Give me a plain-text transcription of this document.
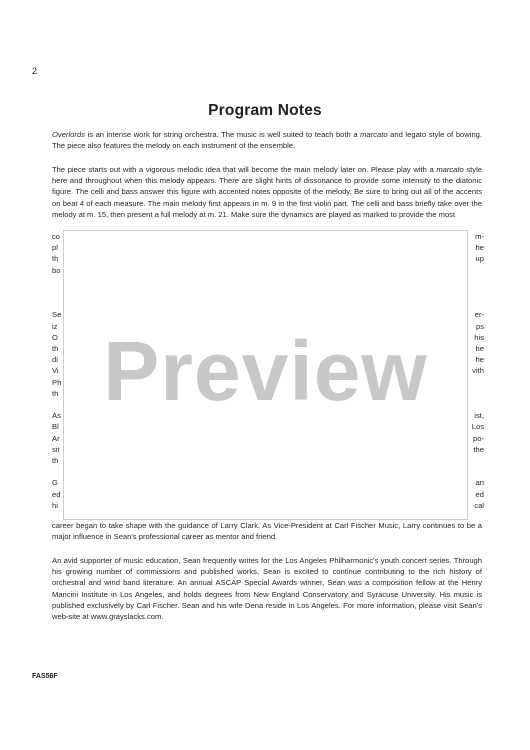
2
Program Notes

Overlords is an intense work for string orchestra. The music is well suited to teach both a marcato and legato style of bowing. The piece also features the melody on each instrument of the ensemble.

The piece starts out with a vigorous melodic idea that will become the main melody later on. Please play with a marcato style here and throughout when this melody appears. There are slight hints of dissonance to provide some intensity to the diatonic figure. The celli and bass answer this figure with accented notes opposite of the melody. Be sure to bring out all of the accents on beat 4 of each measure. The main melody first appears in m. 9 in the first violin part. The celli and bass briefly take over the melody at m. 15, then present a full melody at m. 21. Make sure the dynamics are played as marked to provide the most

co
pl
th
bo
Se
iz
O
th
di
Vi
Ph
th
As
Bl
Ar
sit
th
G
ed
hi
m-
he
up
er-
ps
his
he
he
vith
ist,
Los
po-
the
an
ed
cal
Preview

career began to take shape with the guidance of Larry Clark. As Vice-President at Carl Fischer Music, Larry continues to be a major influence in Sean's professional career as mentor and friend.

An avid supporter of music education, Sean frequently writes for the Los Angeles Philharmonic's youth concert series. Through his growing number of commissions and published works, Sean is excited to continue contributing to the rich history of orchestral and wind band literature. An annual ASCAP Special Awards winner, Sean was a composition fellow at the Henry Mancini Institute in Los Angeles, and holds degrees from New England Conservatory and Syracuse University. His music is published exclusively by Carl Fischer. Sean and his wife Dena reside in Los Angeles. For more information, please visit Sean's web-site at www.grayslacks.com.

FAS56F
